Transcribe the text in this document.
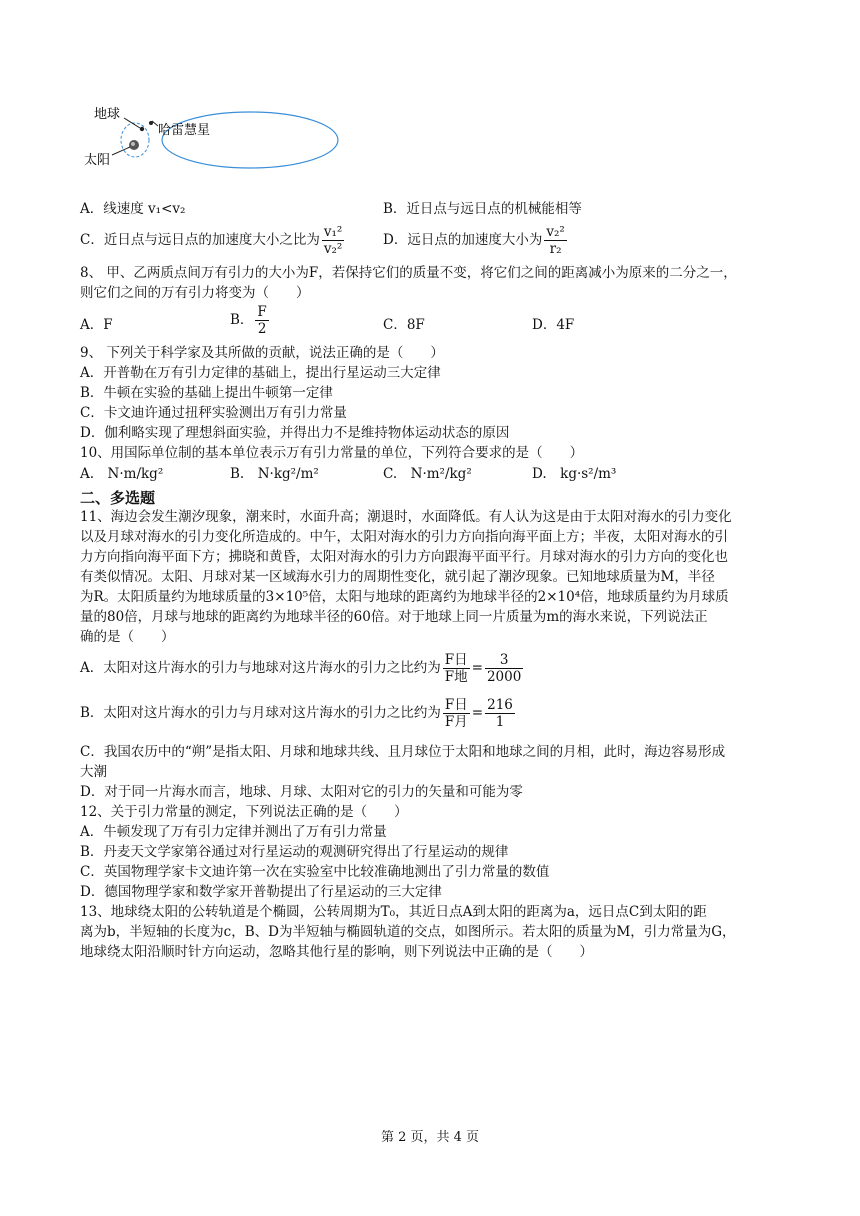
地球
哈雷慧星
太阳
A．线速度 v₁<v₂	B．近日点与远日点的机械能相等
C．近日点与远日点的加速度大小之比为 $\frac{\text{v₁²}}{\text{v₂²}}$	D．远日点的加速度大小为 $\frac{\text{v₂²}}{\text{r₂}}$
8、 甲、乙两质点间万有引力的大小为F，若保持它们的质量不变，将它们之间的距离减小为原来的二分之一，
则它们之间的万有引力将变为（　　）
A．F	B． $\frac{F}{2}$	C．8F	D．4F
9、 下列关于科学家及其所做的贡献，说法正确的是（　　）
A．开普勒在万有引力定律的基础上，提出行星运动三大定律
B．牛顿在实验的基础上提出牛顿第一定律
C．卡文迪许通过扭秤实验测出万有引力常量
D．伽利略实现了理想斜面实验，并得出力不是维持物体运动状态的原因
10、用国际单位制的基本单位表示万有引力常量的单位，下列符合要求的是（　　）
A.　N·m/kg²	B.　N·kg²/m²	C.　N·m²/kg²	D.　kg·s²/m³
二、多选题
11、海边会发生潮汐现象，潮来时，水面升高；潮退时，水面降低。有人认为这是由于太阳对海水的引力变化
以及月球对海水的引力变化所造成的。中午，太阳对海水的引力方向指向海平面上方；半夜，太阳对海水的引
力方向指向海平面下方；拂晓和黄昏，太阳对海水的引力方向跟海平面平行。月球对海水的引力方向的变化也
有类似情况。太阳、月球对某一区域海水引力的周期性变化，就引起了潮汐现象。已知地球质量为M，半径
为R。太阳质量约为地球质量的3×10⁵倍，太阳与地球的距离约为地球半径的2×10⁴倍，地球质量约为月球质
量的80倍，月球与地球的距离约为地球半径的60倍。对于地球上同一片质量为m的海水来说，下列说法正
确的是（　　）
A．太阳对这片海水的引力与地球对这片海水的引力之比约为 $\frac{\text{F日}}{\text{F地}} = \frac{3}{2000}$
B．太阳对这片海水的引力与月球对这片海水的引力之比约为 $\frac{\text{F日}}{\text{F月}} = \frac{216}{1}$
C．我国农历中的“朔”是指太阳、月球和地球共线、且月球位于太阳和地球之间的月相，此时，海边容易形成
大潮
D．对于同一片海水而言，地球、月球、太阳对它的引力的矢量和可能为零
12、关于引力常量的测定，下列说法正确的是（　　）
A．牛顿发现了万有引力定律并测出了万有引力常量
B．丹麦天文学家第谷通过对行星运动的观测研究得出了行星运动的规律
C．英国物理学家卡文迪许第一次在实验室中比较准确地测出了引力常量的数值
D．德国物理学家和数学家开普勒提出了行星运动的三大定律
13、地球绕太阳的公转轨道是个椭圆，公转周期为T₀，其近日点A到太阳的距离为a，远日点C到太阳的距
离为b，半短轴的长度为c，B、D为半短轴与椭圆轨道的交点，如图所示。若太阳的质量为M，引力常量为G，
地球绕太阳沿顺时针方向运动，忽略其他行星的影响，则下列说法中正确的是（　　）
第 2 页，共 4 页
